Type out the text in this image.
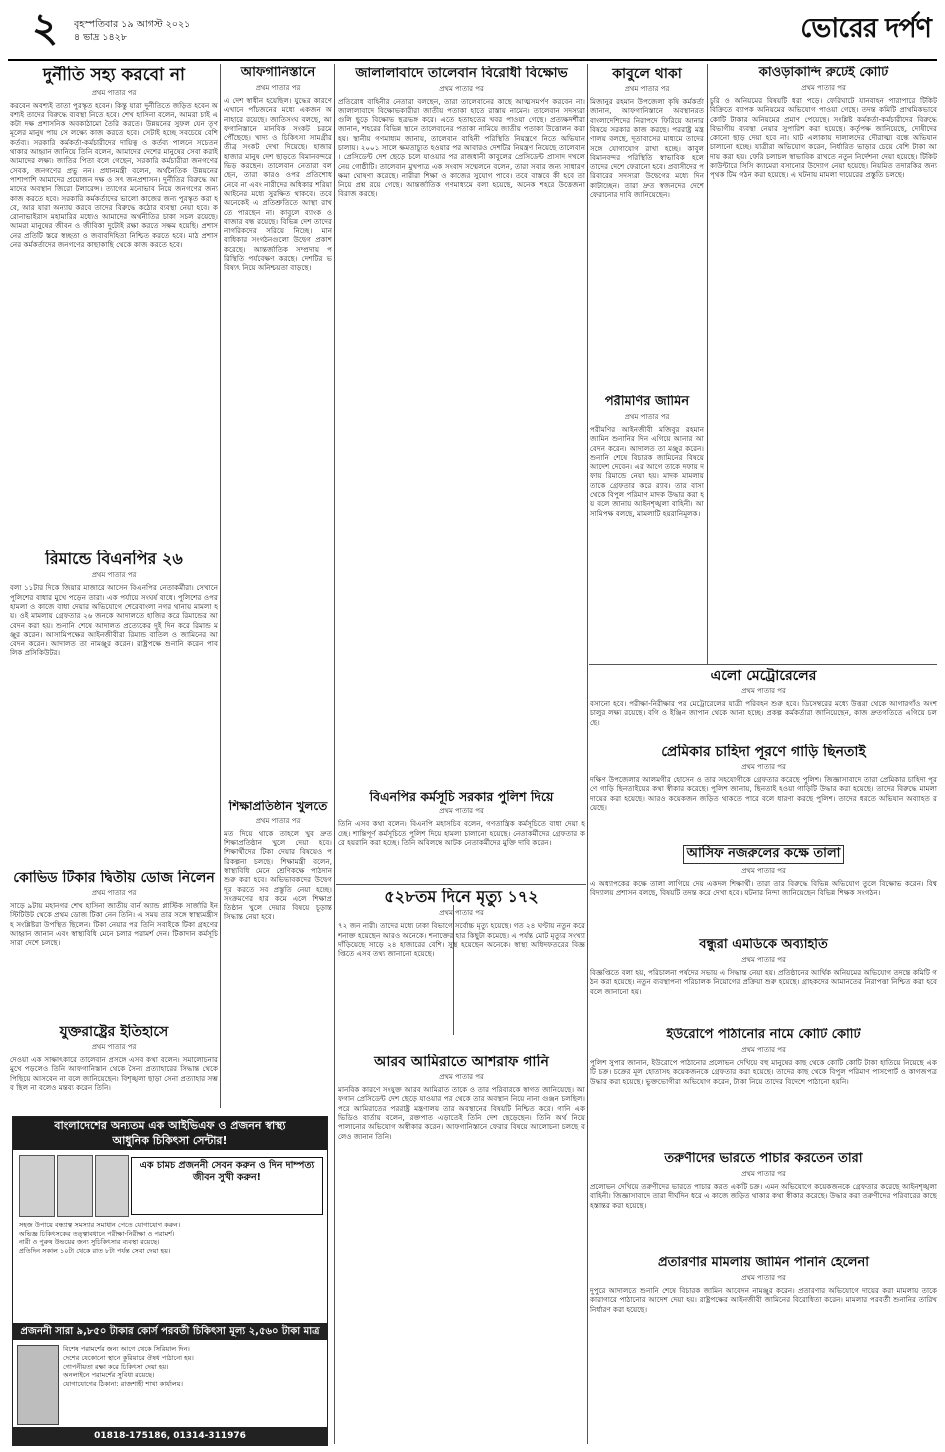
২ বৃহস্পতিবার ১৯ আগস্ট ২০২১
৪ ভাদ্র ১৪২৮	ভোরের দর্পণ
দুর্নীতি সহ্য করবো না
প্রথম পাতার পর
করবেন অবশ্যই তাতা পুরস্কৃত হবেন। কিন্তু যারা দুর্নীতিতে জড়িত হবেন অবশ্যই তাদের বিরুদ্ধে ব্যবস্থা নিতে হবে। শেখ হাসিনা বলেন, আমরা চাই একটা দক্ষ প্রশাসনিক অবকাঠামো তৈরি করতে। উন্নয়নের সুফল যেন তৃণমূলের মানুষ পায় সে লক্ষ্যে কাজ করতে হবে। সেটাই হচ্ছে সবচেয়ে বেশি কর্তব্য। সরকারি কর্মকর্তা-কর্মচারীদের দায়িত্ব ও কর্তব্য পালনে সচেতন থাকার আহ্বান জানিয়ে তিনি বলেন, আমাদের দেশের মানুষের সেবা করাই আমাদের লক্ষ্য। জাতির পিতা বলে গেছেন, সরকারি কর্মচারীরা জনগণের সেবক, জনগণের প্রভু নন। প্রধানমন্ত্রী বলেন, অর্থনৈতিক উন্নয়নের পাশাপাশি আমাদের প্রয়োজন দক্ষ ও সৎ জনপ্রশাসন। দুর্নীতির বিরুদ্ধে আমাদের অবস্থান জিরো টলারেন্স। ত্যাগের মনোভাব নিয়ে জনগণের জন্য কাজ করতে হবে। সরকারি কর্মকর্তাদের ভালো কাজের জন্য পুরস্কৃত করা হবে, আর যারা অন্যায় করবে তাদের বিরুদ্ধে কঠোর ব্যবস্থা নেয়া হবে। করোনাভাইরাস মহামারির মধ্যেও আমাদের অর্থনীতির চাকা সচল রয়েছে। আমরা মানুষের জীবন ও জীবিকা দুটোই রক্ষা করতে সক্ষম হয়েছি। প্রশাসনের প্রতিটি স্তরে স্বচ্ছতা ও জবাবদিহিতা নিশ্চিত করতে হবে। মাঠ প্রশাসনের কর্মকর্তাদের জনগণের কাছাকাছি থেকে কাজ করতে হবে।
রিমান্ডে বিএনপির ২৬
প্রথম পাতার পর
বলা ১১টার দিকে জিয়ার মাজারে আসেন বিএনপির নেতাকর্মীরা। সেখানে পুলিশের বাধার মুখে পড়েন তারা। এক পর্যায়ে সংঘর্ষ বাধে। পুলিশের ওপর হামলা ও কাজে বাধা দেয়ার অভিযোগে শেরেবাংলা নগর থানায় মামলা হয়। ওই মামলায় গ্রেফতার ২৬ জনকে আদালতে হাজির করে রিমান্ডের আবেদন করা হয়। শুনানি শেষে আদালত প্রত্যেকের দুই দিন করে রিমান্ড মঞ্জুর করেন। আসামিপক্ষের আইনজীবীরা রিমান্ড বাতিল ও জামিনের আবেদন করেন। আদালত তা নামঞ্জুর করেন। রাষ্ট্রপক্ষে শুনানি করেন পাবলিক প্রসিকিউটর।
কোভিড টিকার দ্বিতীয় ডোজ নিলেন
প্রথম পাতার পর
সাড়ে ৯টায় মহানগর শেখ হাসিনা জাতীয় বার্ন অ্যান্ড প্লাস্টিক সার্জারি ইনস্টিটিউট থেকে প্রথম ডোজ টিকা নেন তিনি। এ সময় তার সঙ্গে স্বাস্থ্যমন্ত্রীসহ সংশ্লিষ্টরা উপস্থিত ছিলেন। টিকা নেয়ার পর তিনি সবাইকে টিকা গ্রহণের আহ্বান জানান এবং স্বাস্থ্যবিধি মেনে চলার পরামর্শ দেন। টিকাদান কর্মসূচি সারা দেশে চলছে।
যুক্তরাষ্ট্রের ইতিহাসে
প্রথম পাতার পর
দেওয়া এক সাক্ষাৎকারে তালেবান প্রসঙ্গে এসব কথা বলেন। সমালোচনার মুখে পড়লেও তিনি আফগানিস্তান থেকে সৈন্য প্রত্যাহারের সিদ্ধান্ত থেকে পিছিয়ে আসবেন না বলে জানিয়েছেন। বিশৃঙ্খলা ছাড়া সেনা প্রত্যাহার সম্ভব ছিল না বলেও মন্তব্য করেন তিনি।
আফগানিস্তানে
প্রথম পাতার পর
এ দেশ স্বাধীন হয়েছিল। যুদ্ধের কারণে এখানে পাঁচজনের মধ্যে একজন অনাহারে রয়েছে। জাতিসংঘ বলছে, আফগানিস্তানে মানবিক সংকট চরমে পৌঁছেছে। খাদ্য ও চিকিৎসা সামগ্রীর তীব্র সংকট দেখা দিয়েছে। হাজার হাজার মানুষ দেশ ছাড়তে বিমানবন্দরে ভিড় করছেন। তালেবান নেতারা বলছেন, তারা কারও ওপর প্রতিশোধ নেবে না এবং নারীদের অধিকার শরিয়া আইনের মধ্যে সুরক্ষিত থাকবে। তবে অনেকেই এ প্রতিশ্রুতিতে আস্থা রাখতে পারছেন না। কাবুলে ব্যাংক ও বাজার বন্ধ রয়েছে। বিভিন্ন দেশ তাদের নাগরিকদের সরিয়ে নিচ্ছে। মানবাধিকার সংগঠনগুলো উদ্বেগ প্রকাশ করেছে। আন্তর্জাতিক সম্প্রদায় পরিস্থিতি পর্যবেক্ষণ করছে। দেশটির ভবিষ্যৎ নিয়ে অনিশ্চয়তা বাড়ছে।
শিক্ষাপ্রতিষ্ঠান খুলতে
প্রথম পাতার পর
মত দিয়ে থাকে তাহলে খুব দ্রুত শিক্ষাপ্রতিষ্ঠান খুলে দেয়া হবে। শিক্ষার্থীদের টিকা দেয়ার বিষয়েও পরিকল্পনা চলছে। শিক্ষামন্ত্রী বলেন, স্বাস্থ্যবিধি মেনে শ্রেণিকক্ষে পাঠদান শুরু করা হবে। অভিভাবকদের উদ্বেগ দূর করতে সব প্রস্তুতি নেয়া হচ্ছে। সংক্রমণের হার কমে এলে শিক্ষাপ্রতিষ্ঠান খুলে দেয়ার বিষয়ে চূড়ান্ত সিদ্ধান্ত নেয়া হবে।
জালালাবাদে তালেবান বিরোধী বিক্ষোভ
প্রথম পাতার পর
প্রতিরোধ বাহিনীর নেতারা বলছেন, তারা তালেবানের কাছে আত্মসমর্পণ করবেন না। জালালাবাদে বিক্ষোভকারীরা জাতীয় পতাকা হাতে রাস্তায় নামেন। তালেবান সদস্যরা গুলি ছুড়ে বিক্ষোভ ছত্রভঙ্গ করে। এতে হতাহতের খবর পাওয়া গেছে। প্রত্যক্ষদর্শীরা জানান, শহরের বিভিন্ন স্থানে তালেবানের পতাকা নামিয়ে জাতীয় পতাকা উত্তোলন করা হয়। স্থানীয় গণমাধ্যম জানায়, তালেবান বাহিনী পরিস্থিতি নিয়ন্ত্রণে নিতে অভিযান চালায়। ২০০১ সালে ক্ষমতাচ্যুত হওয়ার পর আবারও দেশটির নিয়ন্ত্রণ নিয়েছে তালেবান। প্রেসিডেন্ট দেশ ছেড়ে চলে যাওয়ার পর রাজধানী কাবুলের প্রেসিডেন্ট প্রাসাদ দখলে নেয় গোষ্ঠীটি। তালেবান মুখপাত্র এক সংবাদ সম্মেলনে বলেন, তারা সবার জন্য সাধারণ ক্ষমা ঘোষণা করেছে। নারীরা শিক্ষা ও কাজের সুযোগ পাবে। তবে বাস্তবে কী হবে তা নিয়ে প্রশ্ন রয়ে গেছে। আন্তর্জাতিক গণমাধ্যমে বলা হয়েছে, অনেক শহরে উত্তেজনা বিরাজ করছে।
বিএনপির কর্মসূচি সরকার পুলিশ দিয়ে
প্রথম পাতার পর
তিনি এসব কথা বলেন। বিএনপি মহাসচিব বলেন, গণতান্ত্রিক কর্মসূচিতে বাধা দেয়া হচ্ছে। শান্তিপূর্ণ কর্মসূচিতে পুলিশ দিয়ে হামলা চালানো হয়েছে। নেতাকর্মীদের গ্রেফতার করে হয়রানি করা হচ্ছে। তিনি অবিলম্বে আটক নেতাকর্মীদের মুক্তি দাবি করেন।
৫২৮তম দিনে মৃত্যু ১৭২
প্রথম পাতার পর
৭২ জন নারী। তাদের মধ্যে ঢাকা বিভাগে সর্বোচ্চ মৃত্যু হয়েছে। গত ২৪ ঘণ্টায় নতুন করে শনাক্ত হয়েছেন আরও অনেকে। শনাক্তের হার কিছুটা কমেছে। এ পর্যন্ত মোট মৃত্যুর সংখ্যা দাঁড়িয়েছে সাড়ে ২৪ হাজারের বেশি। সুস্থ হয়েছেন অনেকে। স্বাস্থ্য অধিদফতরের বিজ্ঞপ্তিতে এসব তথ্য জানানো হয়েছে।
আরব আমিরাতে আশরাফ গানি
প্রথম পাতার পর
মানবিক কারণে সংযুক্ত আরব আমিরাত তাকে ও তার পরিবারকে স্বাগত জানিয়েছে। আফগান প্রেসিডেন্ট দেশ ছেড়ে যাওয়ার পর থেকে তার অবস্থান নিয়ে নানা গুঞ্জন চলছিল। পরে আমিরাতের পররাষ্ট্র মন্ত্রণালয় তার অবস্থানের বিষয়টি নিশ্চিত করে। গানি এক ভিডিও বার্তায় বলেন, রক্তপাত এড়াতেই তিনি দেশ ছেড়েছেন। তিনি অর্থ নিয়ে পালানোর অভিযোগ অস্বীকার করেন। আফগানিস্তানে ফেরার বিষয়ে আলোচনা চলছে বলেও জানান তিনি।
কাবুলে থাকা
প্রথম পাতার পর
মিজানুর রহমান উপজেলা কৃষি কর্মকর্তা জানান, আফগানিস্তানে অবস্থানরত বাংলাদেশিদের নিরাপদে ফিরিয়ে আনার বিষয়ে সরকার কাজ করছে। পররাষ্ট্র মন্ত্রণালয় বলছে, দূতাবাসের মাধ্যমে তাদের সঙ্গে যোগাযোগ রাখা হচ্ছে। কাবুল বিমানবন্দর পরিস্থিতি স্বাভাবিক হলে তাদের দেশে ফেরানো হবে। প্রবাসীদের পরিবারের সদস্যরা উদ্বেগের মধ্যে দিন কাটাচ্ছেন। তারা দ্রুত স্বজনদের দেশে ফেরানোর দাবি জানিয়েছেন।
পরীমণির জামিন
প্রথম পাতার পর
পরীমণির আইনজীবী মজিবুর রহমান জামিন শুনানির দিন এগিয়ে আনার আবেদন করেন। আদালত তা মঞ্জুর করেন। শুনানি শেষে বিচারক জামিনের বিষয়ে আদেশ দেবেন। এর আগে তাকে দফায় দফায় রিমান্ডে নেয়া হয়। মাদক মামলায় তাকে গ্রেফতার করে র‍্যাব। তার বাসা থেকে বিপুল পরিমাণ মাদক উদ্ধার করা হয় বলে জানায় আইনশৃঙ্খলা বাহিনী। আসামিপক্ষ বলছে, মামলাটি হয়রানিমূলক।
কাওড়াকান্দি রুটেই কোটি
প্রথম পাতার পর
চুরি ও অনিয়মের বিষয়টি ধরা পড়ে। ফেরিঘাটে যানবাহন পারাপারে টিকিট বিক্রিতে ব্যাপক অনিয়মের অভিযোগ পাওয়া গেছে। তদন্ত কমিটি প্রাথমিকভাবে কোটি টাকার অনিয়মের প্রমাণ পেয়েছে। সংশ্লিষ্ট কর্মকর্তা-কর্মচারীদের বিরুদ্ধে বিভাগীয় ব্যবস্থা নেয়ার সুপারিশ করা হয়েছে। কর্তৃপক্ষ জানিয়েছে, দোষীদের কোনো ছাড় দেয়া হবে না। ঘাট এলাকায় দালালদের দৌরাত্ম্য বন্ধে অভিযান চালানো হচ্ছে। যাত্রীরা অভিযোগ করেন, নির্ধারিত ভাড়ার চেয়ে বেশি টাকা আদায় করা হয়। ফেরি চলাচল স্বাভাবিক রাখতে নতুন নির্দেশনা দেয়া হয়েছে। টিকিট কাউন্টারে সিসি ক্যামেরা বসানোর উদ্যোগ নেয়া হয়েছে। নিয়মিত তদারকির জন্য পৃথক টিম গঠন করা হয়েছে। এ ঘটনায় মামলা দায়েরের প্রস্তুতি চলছে।
এলো মেট্রোরেলের
প্রথম পাতার পর
বসানো হবে। পরীক্ষা-নিরীক্ষার পর মেট্রোরেলের যাত্রী পরিবহন শুরু হবে। ডিসেম্বরের মধ্যে উত্তরা থেকে আগারগাঁও অংশ চালুর লক্ষ্য রয়েছে। বগি ও ইঞ্জিন জাপান থেকে আনা হচ্ছে। প্রকল্প কর্মকর্তারা জানিয়েছেন, কাজ দ্রুতগতিতে এগিয়ে চলছে।
প্রেমিকার চাহিদা পূরণে গাড়ি ছিনতাই
প্রথম পাতার পর
দক্ষিণ উপজেলার আলমগীর হোসেন ও তার সহযোগীকে গ্রেফতার করেছে পুলিশ। জিজ্ঞাসাবাদে তারা প্রেমিকার চাহিদা পূরণে গাড়ি ছিনতাইয়ের কথা স্বীকার করেছে। পুলিশ জানায়, ছিনতাই হওয়া গাড়িটি উদ্ধার করা হয়েছে। তাদের বিরুদ্ধে মামলা দায়ের করা হয়েছে। আরও কয়েকজন জড়িত থাকতে পারে বলে ধারণা করছে পুলিশ। তাদের ধরতে অভিযান অব্যাহত রয়েছে।
আসিফ নজরুলের কক্ষে তালা
প্রথম পাতার পর
এ অধ্যাপকের কক্ষে তালা লাগিয়ে দেয় একদল শিক্ষার্থী। তারা তার বিরুদ্ধে বিভিন্ন অভিযোগ তুলে বিক্ষোভ করেন। বিশ্ববিদ্যালয় প্রশাসন বলছে, বিষয়টি তদন্ত করে দেখা হবে। ঘটনার নিন্দা জানিয়েছেন বিভিন্ন শিক্ষক সংগঠন।
বন্ধুরা এমডিকে অব্যাহতি
প্রথম পাতার পর
বিজ্ঞপ্তিতে বলা হয়, পরিচালনা পর্ষদের সভায় এ সিদ্ধান্ত নেয়া হয়। প্রতিষ্ঠানের আর্থিক অনিয়মের অভিযোগ তদন্তে কমিটি গঠন করা হয়েছে। নতুন ব্যবস্থাপনা পরিচালক নিয়োগের প্রক্রিয়া শুরু হয়েছে। গ্রাহকদের আমানতের নিরাপত্তা নিশ্চিত করা হবে বলে জানানো হয়।
ইউরোপে পাঠানোর নামে কোটি কোটি
প্রথম পাতার পর
পুলিশ সুপার জানান, ইউরোপে পাঠানোর প্রলোভন দেখিয়ে বহু মানুষের কাছ থেকে কোটি কোটি টাকা হাতিয়ে নিয়েছে একটি চক্র। চক্রের মূল হোতাসহ কয়েকজনকে গ্রেফতার করা হয়েছে। তাদের কাছ থেকে বিপুল পরিমাণ পাসপোর্ট ও কাগজপত্র উদ্ধার করা হয়েছে। ভুক্তভোগীরা অভিযোগ করেন, টাকা নিয়ে তাদের বিদেশে পাঠানো হয়নি।
তরুণীদের ভারতে পাচার করতেন তারা
প্রথম পাতার পর
প্রলোভন দেখিয়ে তরুণীদের ভারতে পাচার করত একটি চক্র। এমন অভিযোগে কয়েকজনকে গ্রেফতার করেছে আইনশৃঙ্খলা বাহিনী। জিজ্ঞাসাবাদে তারা দীর্ঘদিন ধরে এ কাজে জড়িত থাকার কথা স্বীকার করেছে। উদ্ধার করা তরুণীদের পরিবারের কাছে হস্তান্তর করা হয়েছে।
প্রতারণার মামলায় জামিন পাননি হেলেনা
প্রথম পাতার পর
দুপুরে আদালতে শুনানি শেষে বিচারক জামিন আবেদন নামঞ্জুর করেন। প্রতারণার অভিযোগে দায়ের করা মামলায় তাকে কারাগারে পাঠানোর আদেশ দেয়া হয়। রাষ্ট্রপক্ষের আইনজীবী জামিনের বিরোধিতা করেন। মামলার পরবর্তী শুনানির তারিখ নির্ধারণ করা হয়েছে।
বাংলাদেশের অন্যতম এক আইভিএফ ও প্রজনন স্বাস্থ্য
আধুনিক চিকিৎসা সেন্টার!
এক চামচ প্রজননী সেবন করুন ও দিন দাম্পত্য জীবন সুখী করুন!
সহজ উপায়ে বন্ধ্যাত্ব সমস্যার সমাধান পেতে যোগাযোগ করুন।
অভিজ্ঞ চিকিৎসকের তত্ত্বাবধানে পরীক্ষা-নিরীক্ষা ও পরামর্শ।
নারী ও পুরুষ উভয়ের জন্য সুচিকিৎসার ব্যবস্থা রয়েছে।
প্রতিদিন সকাল ১০টা থেকে রাত ৮টা পর্যন্ত সেবা দেয়া হয়।
প্রজননী সারা ৯,৮৫০ টাকার কোর্স পরবর্তী চিকিৎসা মূল্য ২,৫৬০ টাকা মাত্র
বিশেষ পরামর্শের জন্য আগে থেকে সিরিয়াল দিন।
দেশের যেকোনো স্থানে কুরিয়ারে ঔষধ পাঠানো হয়।
গোপনীয়তা রক্ষা করে চিকিৎসা দেয়া হয়।
অনলাইনে পরামর্শের সুবিধা রয়েছে।
যোগাযোগের ঠিকানা: রাজশাহী শাখা কার্যালয়।
01818-175186, 01314-311976
